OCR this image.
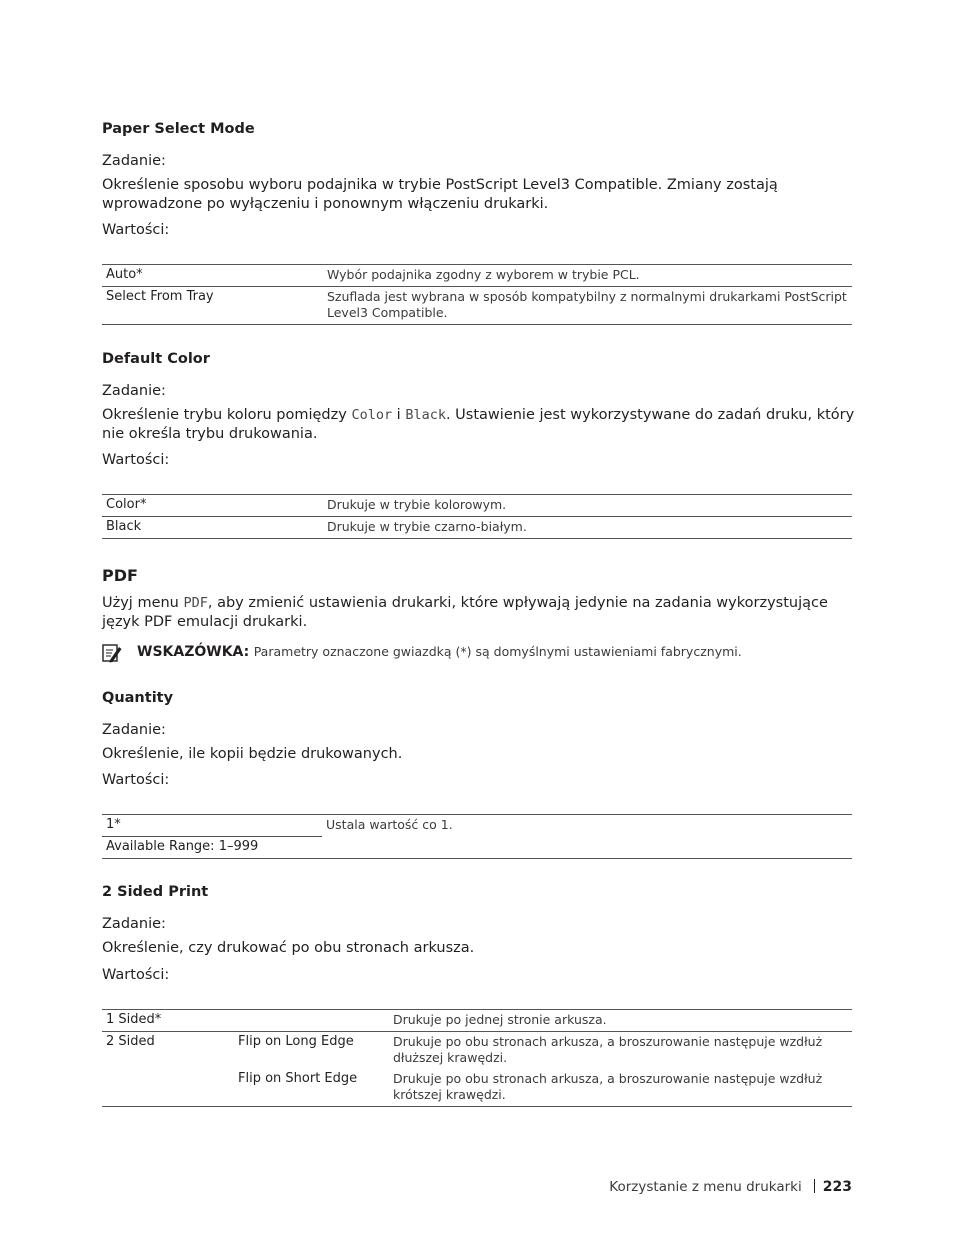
Paper Select Mode
Zadanie:
Określenie sposobu wyboru podajnika w trybie PostScript Level3 Compatible. Zmiany zostają wprowadzone po wyłączeniu i ponownym włączeniu drukarki.
Wartości:
Auto*	Wybór podajnika zgodny z wyborem w trybie PCL.
Select From Tray	Szuflada jest wybrana w sposób kompatybilny z normalnymi drukarkami PostScript Level3 Compatible.
Default Color
Zadanie:
Określenie trybu koloru pomiędzy Color i Black. Ustawienie jest wykorzystywane do zadań druku, który nie określa trybu drukowania.
Wartości:
Color*	Drukuje w trybie kolorowym.
Black	Drukuje w trybie czarno-białym.
PDF
Użyj menu PDF, aby zmienić ustawienia drukarki, które wpływają jedynie na zadania wykorzystujące język PDF emulacji drukarki.
WSKAZÓWKA: Parametry oznaczone gwiazdką (*) są domyślnymi ustawieniami fabrycznymi.
Quantity
Zadanie:
Określenie, ile kopii będzie drukowanych.
Wartości:
1*	Ustala wartość co 1.
Available Range: 1–999

2 Sided Print
Zadanie:
Określenie, czy drukować po obu stronach arkusza.
Wartości:
1 Sided*		Drukuje po jednej stronie arkusza.
2 Sided	Flip on Long Edge	Drukuje po obu stronach arkusza, a broszurowanie następuje wzdłuż dłuższej krawędzi.
	Flip on Short Edge	Drukuje po obu stronach arkusza, a broszurowanie następuje wzdłuż krótszej krawędzi.
Korzystanie z menu drukarki 223
